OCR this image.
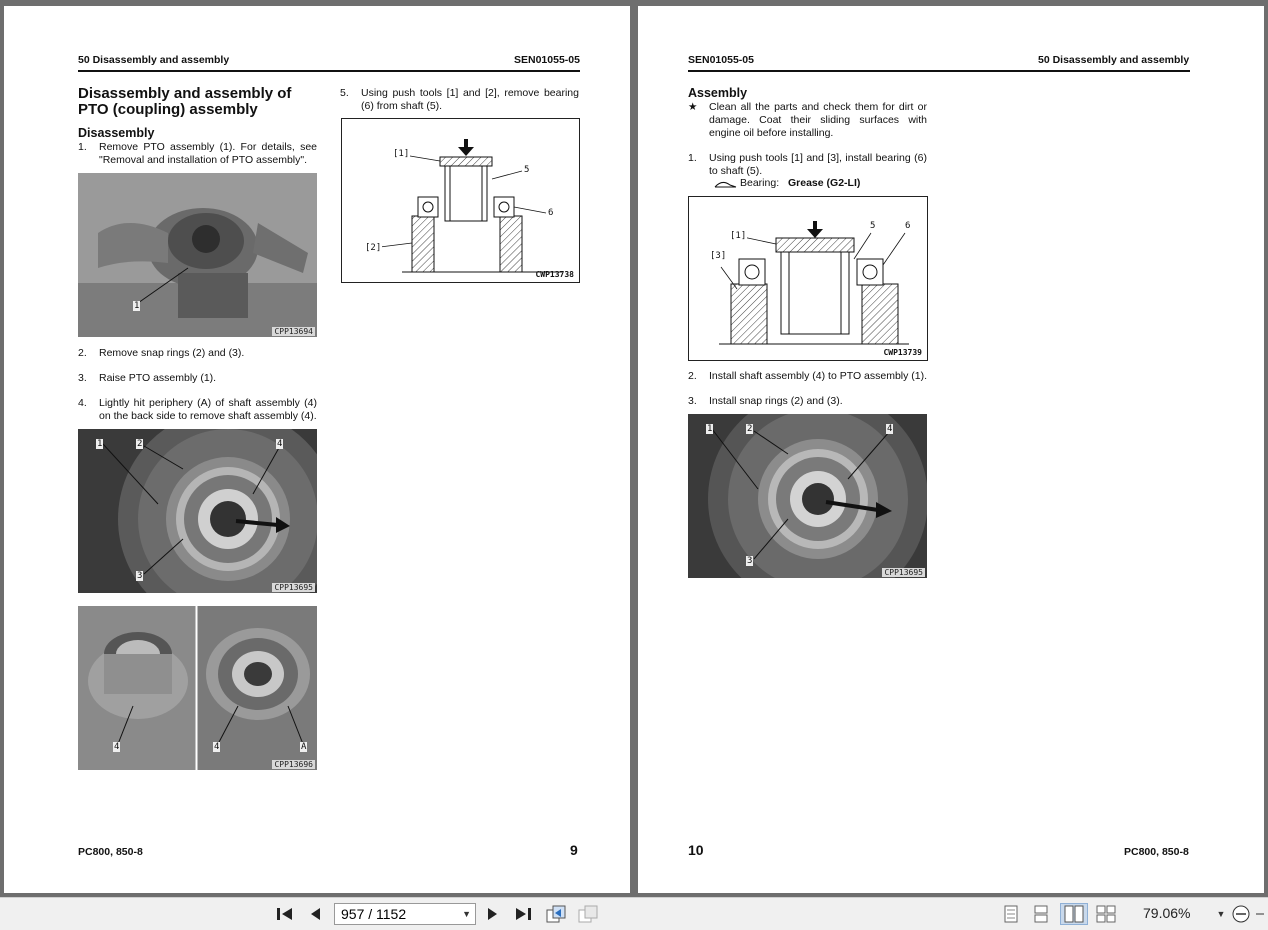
50 Disassembly and assembly	SEN01055-05
Disassembly and assembly of
PTO (coupling) assembly
Disassembly
1. Remove PTO assembly (1). For details, see "Removal and installation of PTO assembly".
1
CPP13694
2. Remove snap rings (2) and (3).
3. Raise PTO assembly (1).
4. Lightly hit periphery (A) of shaft assembly (4) on the back side to remove shaft assembly (4).
1	2	4
3
CPP13695
4	4	A
CPP13696
5. Using push tools [1] and [2], remove bearing (6) from shaft (5).
[1]
5
6
[2]
CWP13738
PC800, 850-8	9
SEN01055-05	50 Disassembly and assembly
Assembly
★ Clean all the parts and check them for dirt or damage. Coat their sliding surfaces with engine oil before installing.
1. Using push tools [1] and [3], install bearing (6) to shaft (5).
Bearing: Grease (G2-LI)
[1]
[3]
5	6
CWP13739
2. Install shaft assembly (4) to PTO assembly (1).
3. Install snap rings (2) and (3).
1	2	4
3
CPP13695
10	PC800, 850-8
957 / 1152	▼	79.06%	▼
